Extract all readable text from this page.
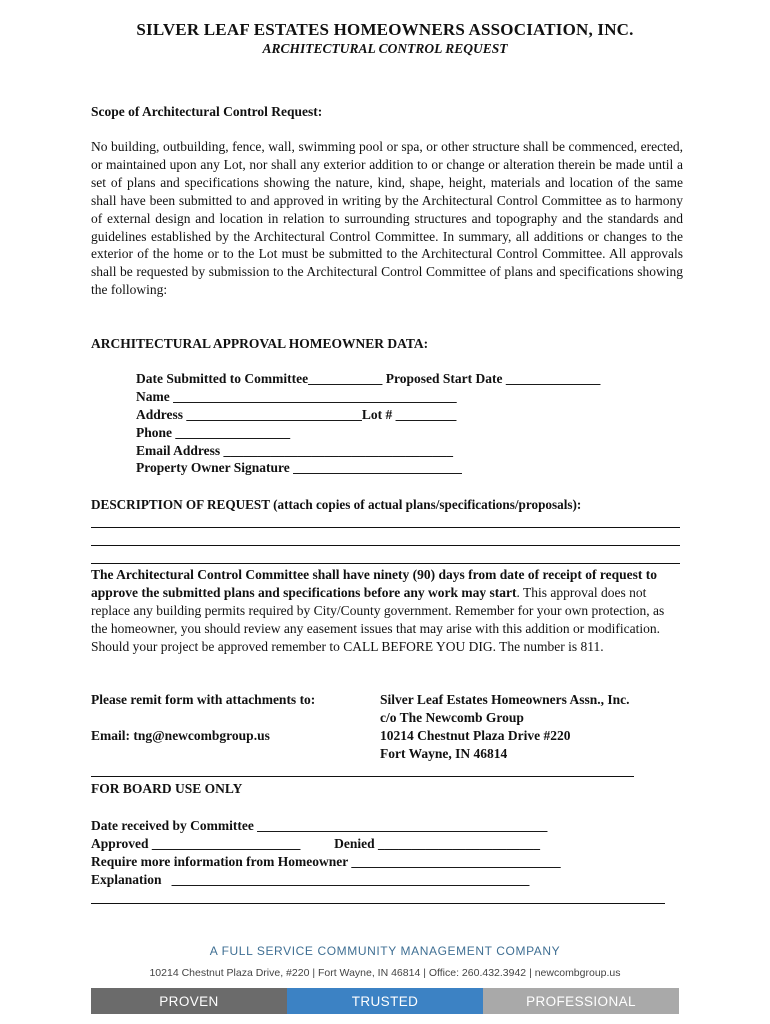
SILVER LEAF ESTATES HOMEOWNERS ASSOCIATION, INC.
ARCHITECTURAL CONTROL REQUEST
Scope of Architectural Control Request:
No building, outbuilding, fence, wall, swimming pool or spa, or other structure shall be commenced, erected, or maintained upon any Lot, nor shall any exterior addition to or change or alteration therein be made until a set of plans and specifications showing the nature, kind, shape, height, materials and location of the same shall have been submitted to and approved in writing by the Architectural Control Committee as to harmony of external design and location in relation to surrounding structures and topography and the standards and guidelines established by the Architectural Control Committee. In summary, all additions or changes to the exterior of the home or to the Lot must be submitted to the Architectural Control Committee. All approvals shall be requested by submission to the Architectural Control Committee of plans and specifications showing the following:
ARCHITECTURAL APPROVAL HOMEOWNER DATA:
Date Submitted to Committee___________ Proposed Start Date ______________
Name __________________________________________
Address __________________________Lot # _________
Phone _________________
Email Address __________________________________
Property Owner Signature _________________________
DESCRIPTION OF REQUEST (attach copies of actual plans/specifications/proposals):
The Architectural Control Committee shall have ninety (90) days from date of receipt of request to approve the submitted plans and specifications before any work may start. This approval does not replace any building permits required by City/County government. Remember for your own protection, as the homeowner, you should review any easement issues that may arise with this addition or modification. Should your project be approved remember to CALL BEFORE YOU DIG. The number is 811.
Please remit form with attachments to:
Email: tng@newcombgroup.us
Silver Leaf Estates Homeowners Assn., Inc.
c/o The Newcomb Group
10214 Chestnut Plaza Drive #220
Fort Wayne, IN 46814
FOR BOARD USE ONLY
Date received by Committee ___________________________________________
Approved ______________________          Denied ________________________
Require more information from Homeowner _______________________________
Explanation   _____________________________________________________
A FULL SERVICE COMMUNITY MANAGEMENT COMPANY
10214 Chestnut Plaza Drive, #220 | Fort Wayne, IN 46814 | Office: 260.432.3942 | newcombgroup.us
PROVEN	TRUSTED	PROFESSIONAL
